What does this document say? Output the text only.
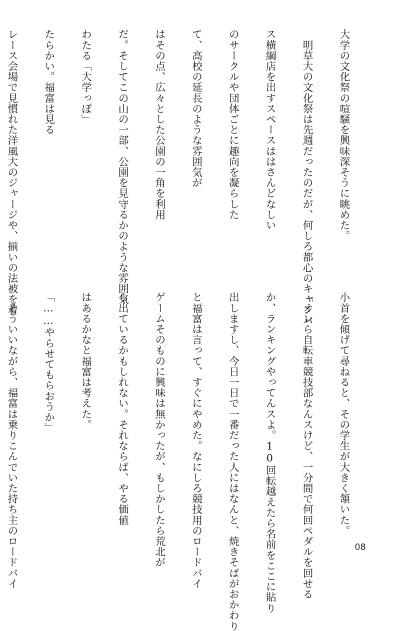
大学の文化祭の喧騒を興味深そうに眺めた。

　明草大の文化祭は先週だったのだが、何しろ都心のキャンパ

ス横綱店を出すスペースははさんどなしい

のサークルや団体ごとに趣向を凝らした

て、高校の延長のような雰囲気が

はその点、広々とした公園の一角を利用

だ。そしてこの山の一部、公園を見守るかのような雰囲気

わたる「大学っぽ」

たらかい。福富は見る

レース会場で見慣れた洋風大のジャージや、揃いの法被を着

小首を傾げて尋ねると、その学生が大きく頷いた。

「オレら自転車競技部なんスけど、一分間で何回ペダルを回せる

か、ランキングやってんスよ。10回転越えたら名前をここに貼り

出しますし、今日一日で一番だった人にはなんと、焼きそばがおかわり

と福富は言って、すぐにやめた。なにしろ競技用のロードバイ

ゲームそのものに興味は無かったが、もしかしたら荒北が

ら出ているかもしれない。それならば、やる価値

はあるかなと福富は考えた。

「……やらせてもらおうか」

　そういいながら、福富は乗りこんでいた持ち主のロードバイ

	08
